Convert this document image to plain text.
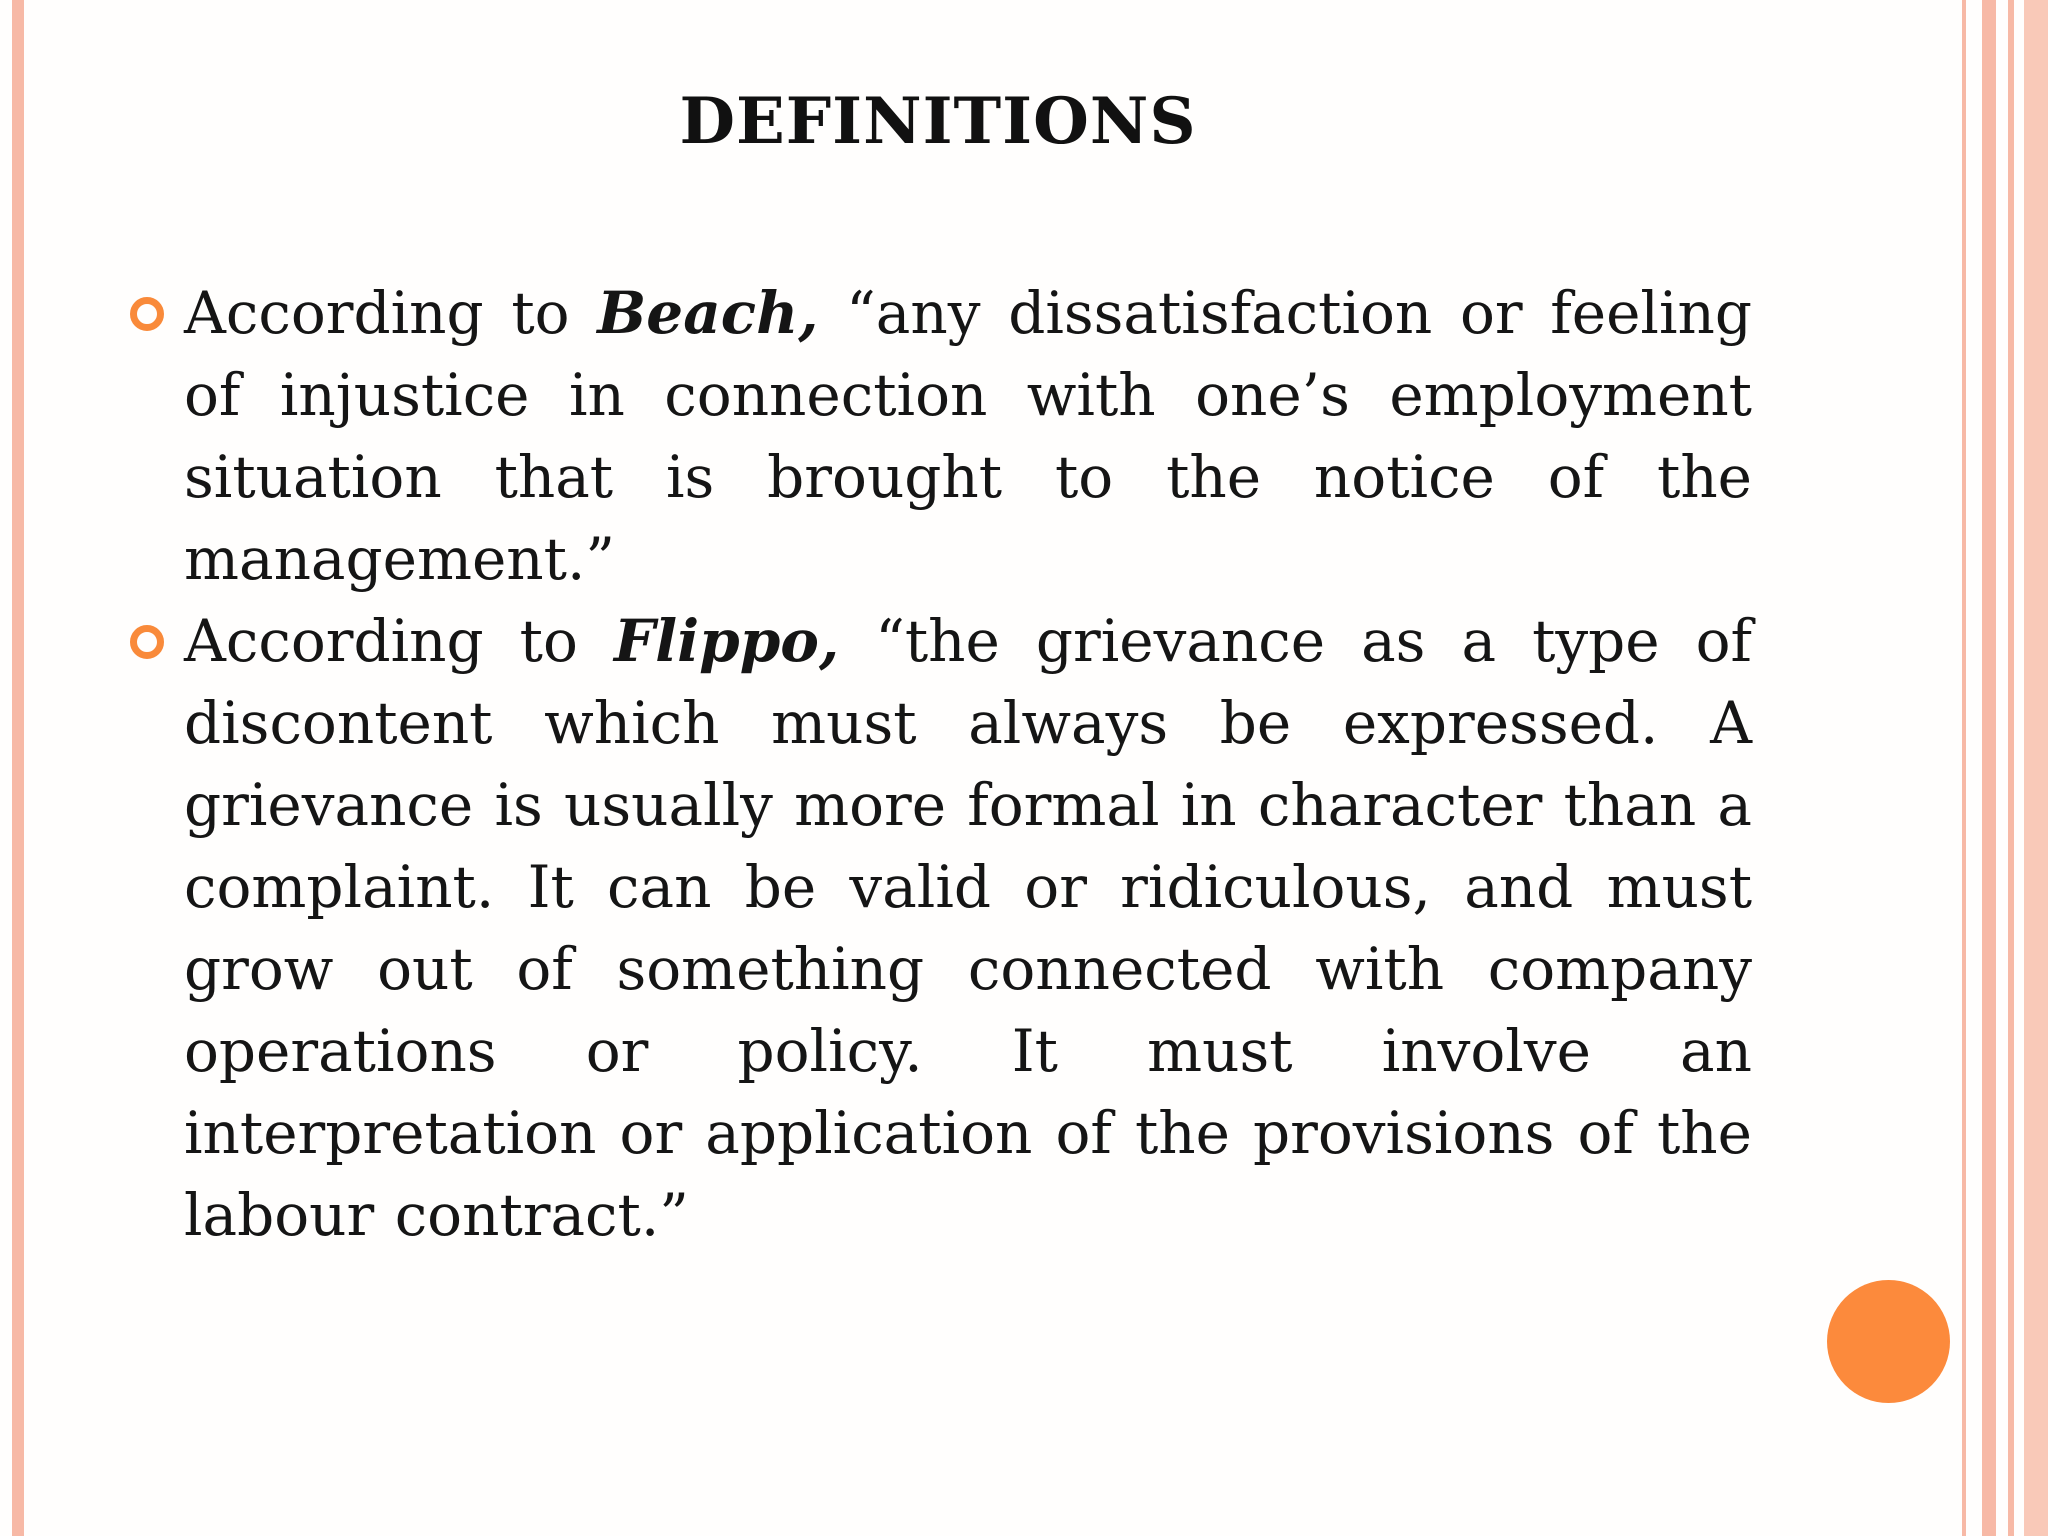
DEFINITIONS
According to Beach, “any dissatisfaction or feeling of injustice in connection with one’s employment situation that is brought to the notice of the management.”
According to Flippo, “the grievance as a type of discontent which must always be expressed. A grievance is usually more formal in character than a complaint. It can be valid or ridiculous, and must grow out of something connected with company operations or policy. It must involve an interpretation or application of the provisions of the labour contract.”
